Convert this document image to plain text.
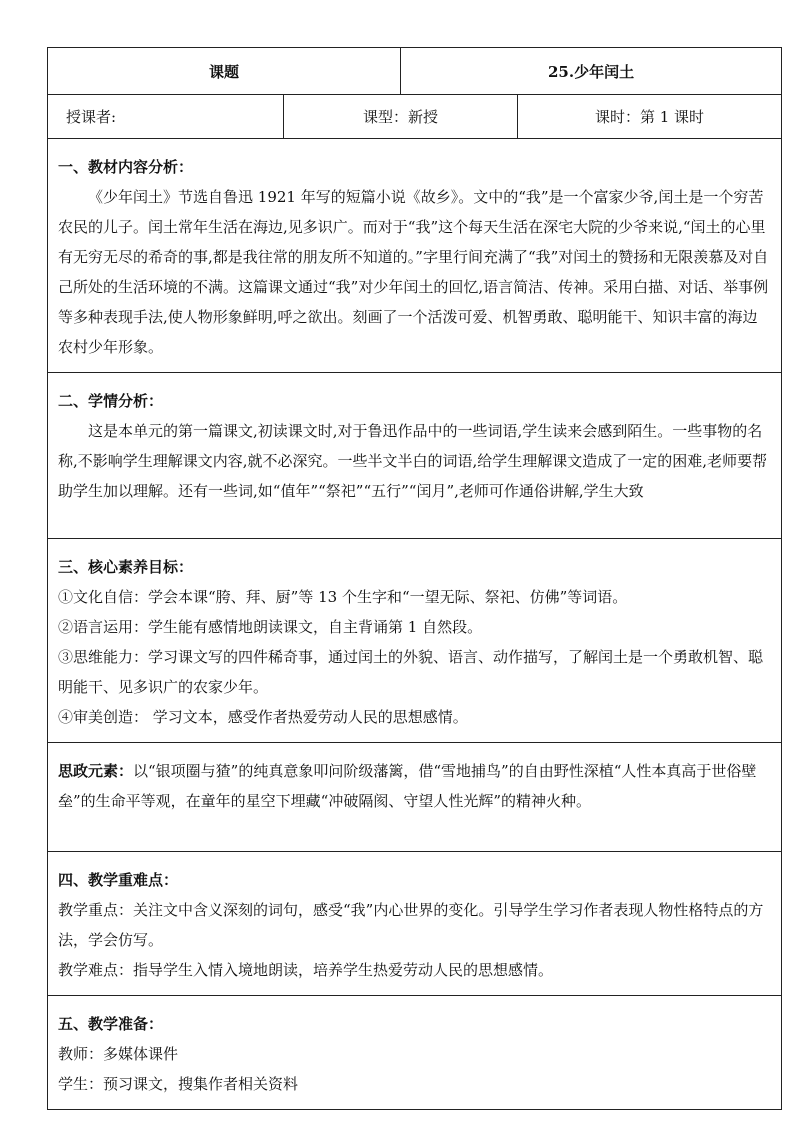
课题		25.少年闰土	
授课者:	课型：新授		课时：第 1 课时

一、教材内容分析：

《少年闰土》节选自鲁迅 1921 年写的短篇小说《故乡》。文中的“我”是一个富家少爷,闰土是一个穷苦农民的儿子。闰土常年生活在海边,见多识广。而对于“我”这个每天生活在深宅大院的少爷来说,“闰土的心里有无穷无尽的希奇的事,都是我往常的朋友所不知道的。”字里行间充满了“我”对闰土的赞扬和无限羡慕及对自己所处的生活环境的不满。这篇课文通过“我”对少年闰土的回忆,语言简洁、传神。采用白描、对话、举事例等多种表现手法,使人物形象鲜明,呼之欲出。刻画了一个活泼可爱、机智勇敢、聪明能干、知识丰富的海边农村少年形象。			

二、学情分析：

这是本单元的第一篇课文,初读课文时,对于鲁迅作品中的一些词语,学生读来会感到陌生。一些事物的名称,不影响学生理解课文内容,就不必深究。一些半文半白的词语,给学生理解课文造成了一定的困难,老师要帮助学生加以理解。还有一些词,如“值年”“祭祀”“五行”“闰月”,老师可作通俗讲解,学生大致			

三、核心素养目标：

①文化自信：学会本课“胯、拜、厨”等 13 个生字和“一望无际、祭祀、仿佛”等词语。

②语言运用：学生能有感情地朗读课文，自主背诵第 1 自然段。

③思维能力：学习课文写的四件稀奇事，通过闰土的外貌、语言、动作描写，了解闰土是一个勇敢机智、聪明能干、见多识广的农家少年。

④审美创造： 学习文本，感受作者热爱劳动人民的思想感情。			

思政元素：以“银项圈与猹”的纯真意象叩问阶级藩篱，借“雪地捕鸟”的自由野性深植“人性本真高于世俗壁垒”的生命平等观，在童年的星空下埋藏“冲破隔阂、守望人性光辉”的精神火种。			

四、教学重难点：

教学重点：关注文中含义深刻的词句，感受“我”内心世界的变化。引导学生学习作者表现人物性格特点的方法，学会仿写。

教学难点：指导学生入情入境地朗读，培养学生热爱劳动人民的思想感情。			

五、教学准备：

教师：多媒体课件

学生：预习课文，搜集作者相关资料			
